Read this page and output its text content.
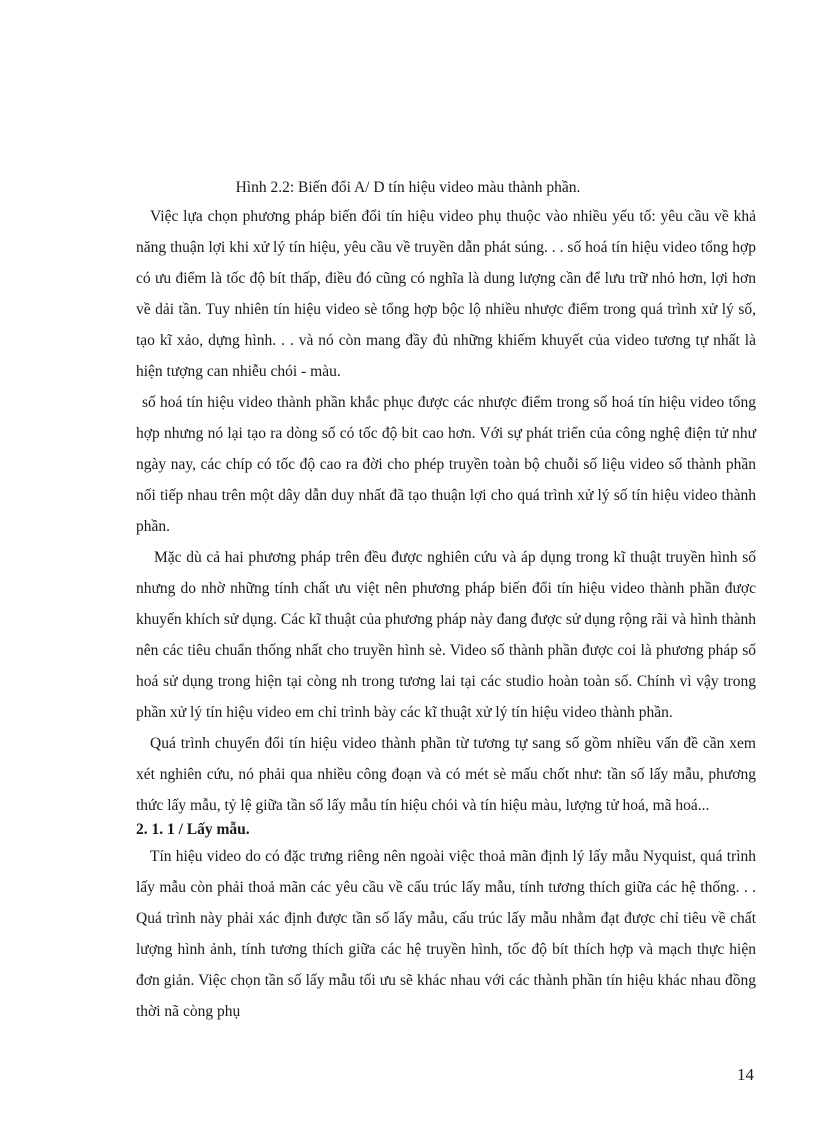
Hình 2.2: Biến đổi A/ D tín hiệu video màu thành phần.

Việc lựa chọn phương pháp biến đổi tín hiệu video phụ thuộc vào nhiều yếu tố: yêu cầu về khả năng thuận lợi khi xử lý tín hiệu, yêu cầu về truyền dẫn phát súng. . . số hoá tín hiệu video tổng hợp có ưu điểm là tốc độ bít thấp, điều đó cũng có nghĩa là dung lượng cần để lưu trữ nhỏ hơn, lợi hơn về dải tần. Tuy nhiên tín hiệu video sè tổng hợp bộc lộ nhiều nhược điểm trong quá trình xử lý số, tạo kĩ xảo, dựng hình. . . và nó còn mang đầy đủ những khiếm khuyết của video tương tự nhất là hiện tượng can nhiễu chói - màu.

số hoá tín hiệu video thành phần khắc phục được các nhược điểm trong số hoá tín hiệu video tổng hợp nhưng nó lại tạo ra dòng số có tốc độ bit cao hơn. Với sự phát triển của công nghệ điện tử như ngày nay, các chíp có tốc độ cao ra đời cho phép truyền toàn bộ chuỗi số liệu video số thành phần nối tiếp nhau trên một dây dẫn duy nhất đã tạo thuận lợi cho quá trình xử lý số tín hiệu video thành phần.

Mặc dù cả hai phương pháp trên đều được nghiên cứu và áp dụng trong kĩ thuật truyền hình số nhưng do nhờ những tính chất ưu việt nên phương pháp biến đổi tín hiệu video thành phần được khuyến khích sử dụng. Các kĩ thuật của phương pháp này đang được sử dụng rộng rãi và hình thành nên các tiêu chuẩn thống nhất cho truyền hình sè. Video số thành phần được coi là phương pháp số hoá sử dụng trong hiện tại còng nh trong tương lai tại các studio hoàn toàn số. Chính vì vậy trong phần xử lý tín hiệu video em chỉ trình bày các kĩ thuật xử lý tín hiệu video thành phần.

Quá trình chuyển đổi tín hiệu video thành phần từ tương tự sang số gồm nhiều vấn đề cần xem xét nghiên cứu, nó phải qua nhiều công đoạn và có mét sè mấu chốt như: tần số lấy mẫu, phương thức lấy mẫu, tỷ lệ giữa tần số lấy mẫu tín hiệu chói và tín hiệu màu, lượng tử hoá, mã hoá...

2. 1. 1 / Lấy mẫu.

Tín hiệu video do có đặc trưng riêng nên ngoài việc thoả mãn định lý lấy mẫu Nyquist, quá trình lấy mẫu còn phải thoả mãn các yêu cầu về cấu trúc lấy mẫu, tính tương thích giữa các hệ thống. . . Quá trình này phải xác định được tần số lấy mẫu, cấu trúc lấy mẫu nhằm đạt được chỉ tiêu về chất lượng hình ảnh, tính tương thích giữa các hệ truyền hình, tốc độ bít thích hợp và mạch thực hiện đơn giản. Việc chọn tần số lấy mẫu tối ưu sẽ khác nhau với các thành phần tín hiệu khác nhau đồng thời nã còng phụ

14
